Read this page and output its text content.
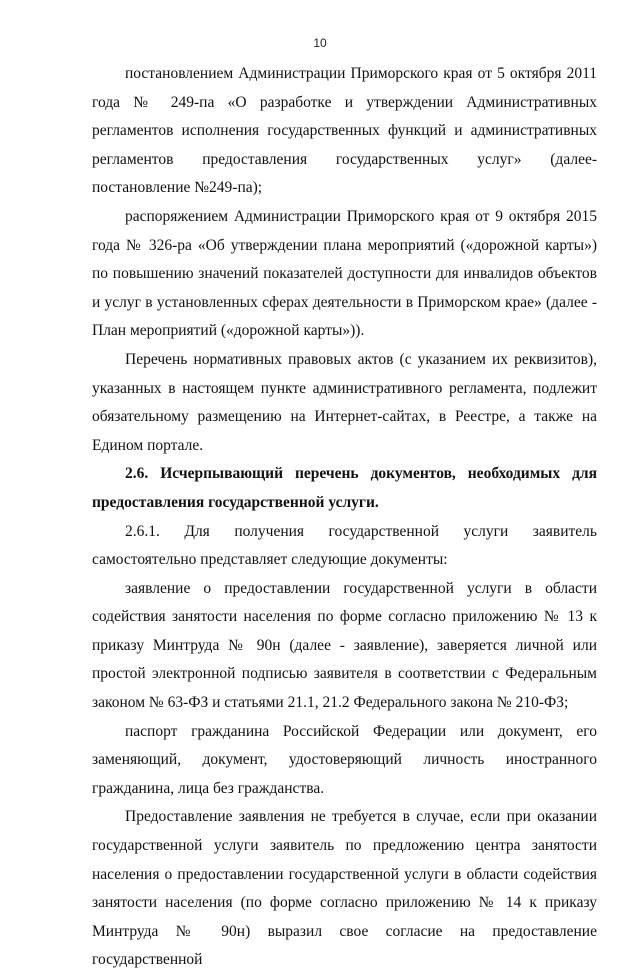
10

постановлением Администрации Приморского края от 5 октября 2011 года № 249-па «О разработке и утверждении Административных регламентов исполнения государственных функций и административных регламентов предоставления государственных услуг» (далее- постановление №249-па);

распоряжением Администрации Приморского края от 9 октября 2015 года № 326-ра «Об утверждении плана мероприятий («дорожной карты») по повышению значений показателей доступности для инвалидов объектов и услуг в установленных сферах деятельности в Приморском крае» (далее - План мероприятий («дорожной карты»)).

Перечень нормативных правовых актов (с указанием их реквизитов), указанных в настоящем пункте административного регламента, подлежит обязательному размещению на Интернет-сайтах, в Реестре, а также на Едином портале.

2.6. Исчерпывающий перечень документов, необходимых для предоставления государственной услуги.

2.6.1. Для получения государственной услуги заявитель самостоятельно представляет следующие документы:

заявление о предоставлении государственной услуги в области содействия занятости населения по форме согласно приложению № 13 к приказу Минтруда № 90н (далее - заявление), заверяется личной или простой электронной подписью заявителя в соответствии с Федеральным законом № 63-ФЗ и статьями 21.1, 21.2 Федерального закона № 210-ФЗ;

паспорт гражданина Российской Федерации или документ, его заменяющий, документ, удостоверяющий личность иностранного гражданина, лица без гражданства.

Предоставление заявления не требуется в случае, если при оказании государственной услуги заявитель по предложению центра занятости населения о предоставлении государственной услуги в области содействия занятости населения (по форме согласно приложению № 14 к приказу Минтруда № 90н) выразил свое согласие на предоставление государственной
